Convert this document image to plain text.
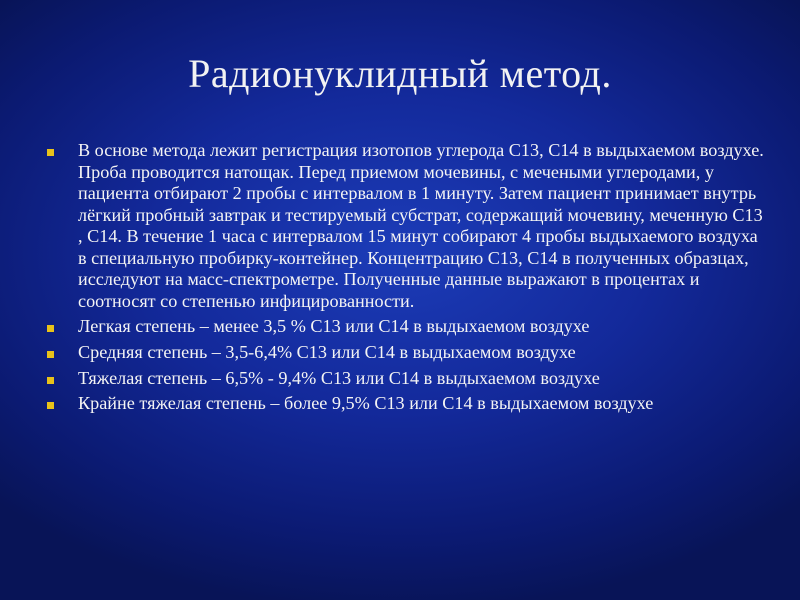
Радионуклидный метод.
В основе метода лежит регистрация изотопов углерода С13, С14 в выдыхаемом воздухе. Проба проводится натощак. Перед приемом мочевины, с мечеными углеродами, у пациента отбирают 2 пробы с интервалом в 1 минуту. Затем пациент принимает внутрь лёгкий пробный завтрак и тестируемый субстрат, содержащий мочевину, меченную С13 , С14. В течение 1 часа с интервалом 15 минут собирают 4 пробы выдыхаемого воздуха в специальную пробирку-контейнер. Концентрацию С13, С14 в полученных образцах, исследуют на масс-спектрометре. Полученные данные выражают в процентах и соотносят со степенью инфицированности.
Легкая степень – менее 3,5 % С13 или С14 в выдыхаемом воздухе
Средняя степень – 3,5-6,4% С13 или С14 в выдыхаемом воздухе
Тяжелая степень – 6,5% - 9,4% С13 или С14 в выдыхаемом воздухе
Крайне тяжелая степень – более 9,5% С13 или С14 в выдыхаемом воздухе
